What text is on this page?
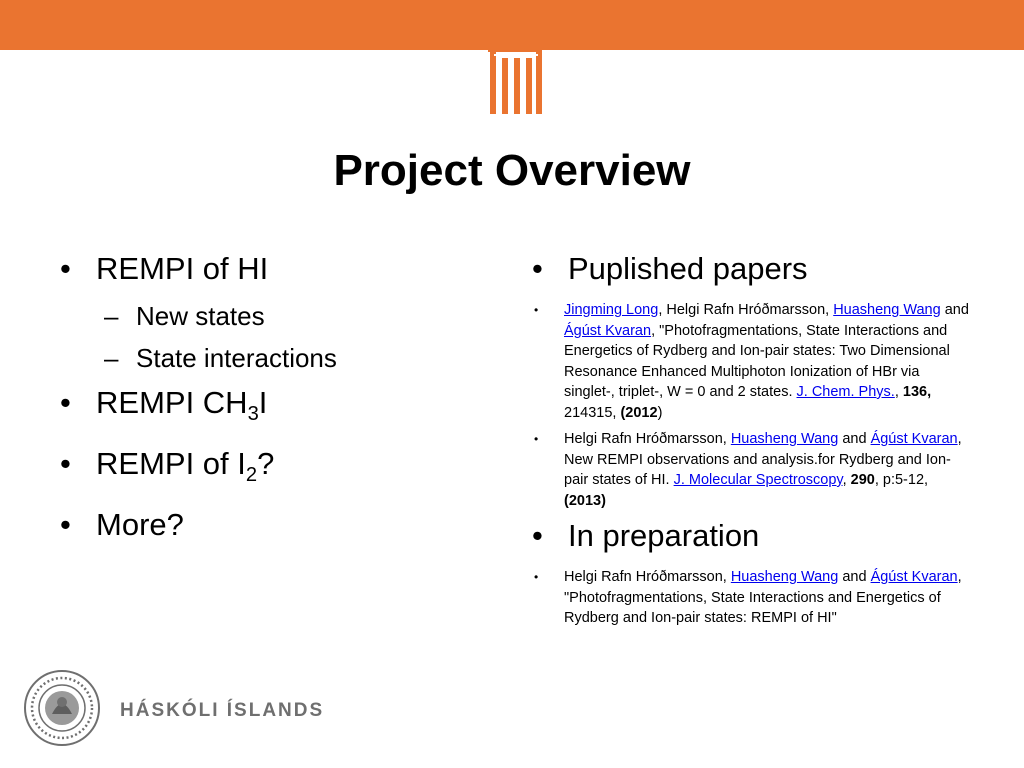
Project Overview
• REMPI of HI
– New states
– State interactions
• REMPI $CH_3I$
• REMPI of $I_2$?
• More?
• Puplished papers
• Jingming Long, Helgi Rafn Hróðmarsson, Huasheng Wang and Ágúst Kvaran, "Photofragmentations, State Interactions and Energetics of Rydberg and Ion-pair states: Two Dimensional Resonance Enhanced Multiphoton Ionization of HBr via singlet-, triplet-, W = 0 and 2 states. J. Chem. Phys., 136, 214315, (2012)
• Helgi Rafn Hróðmarsson, Huasheng Wang and Ágúst Kvaran, New REMPI observations and analysis.for Rydberg and Ion-pair states of HI. J. Molecular Spectroscopy, 290, p:5-12, (2013)
• In preparation
• Helgi Rafn Hróðmarsson, Huasheng Wang and Ágúst Kvaran, "Photofragmentations, State Interactions and Energetics of Rydberg and Ion-pair states: REMPI of HI"
HÁSKÓLI ÍSLANDS
